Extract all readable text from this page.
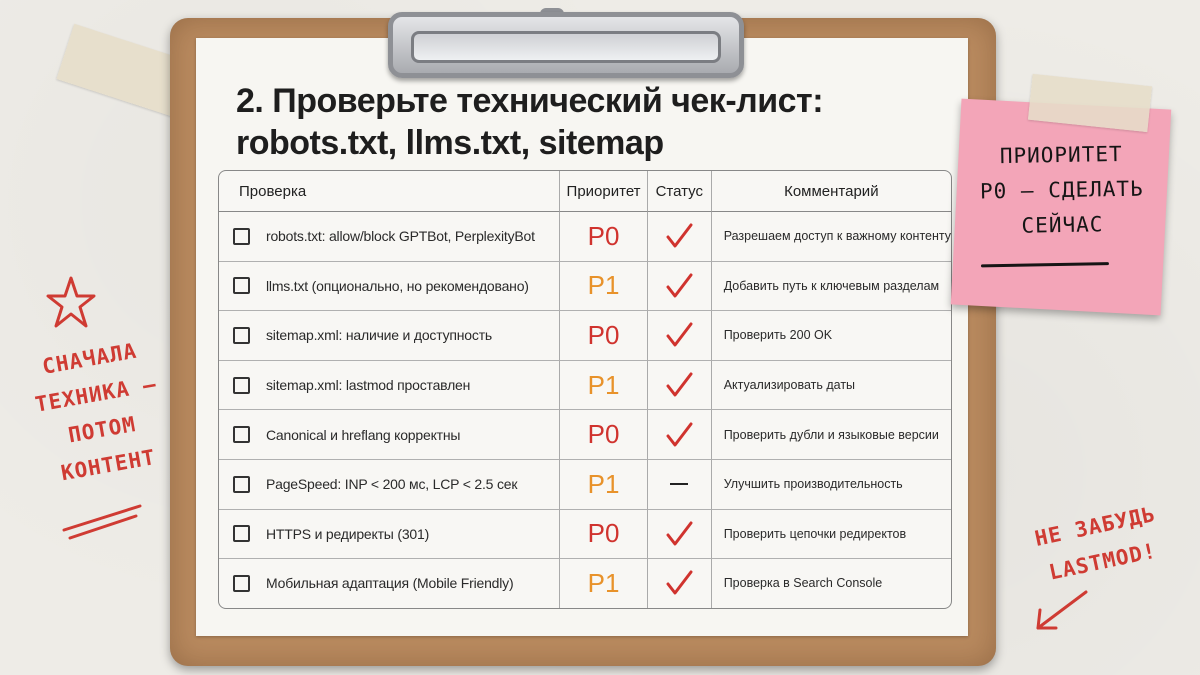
2. Проверьте технический чек-лист:
robots.txt, llms.txt, sitemap
Проверка	Приоритет	Статус	Комментарий

robots.txt: allow/block GPTBot, PerplexityBot	P0		Разрешаем доступ к важному контенту

llms.txt (опционально, но рекомендовано)	P1		Добавить путь к ключевым разделам

sitemap.xml: наличие и доступность	P0		Проверить 200 OK

sitemap.xml: lastmod проставлен	P1		Актуализировать даты

Canonical и hreflang корректны	P0		Проверить дубли и языковые версии

PageSpeed: INP < 200 мс, LCP < 2.5 сек	P1		Улучшить производительность

HTTPS и редиректы (301)	P0		Проверить цепочки редиректов

Мобильная адаптация (Mobile Friendly)	P1		Проверка в Search Console
ПРИОРИТЕТ
P0 — СДЕЛАТЬ
СЕЙЧАС
СНАЧАЛА
ТЕХНИКА –
ПОТОМ
КОНТЕНТ
НЕ ЗАБУДЬ
LASTMOD!
